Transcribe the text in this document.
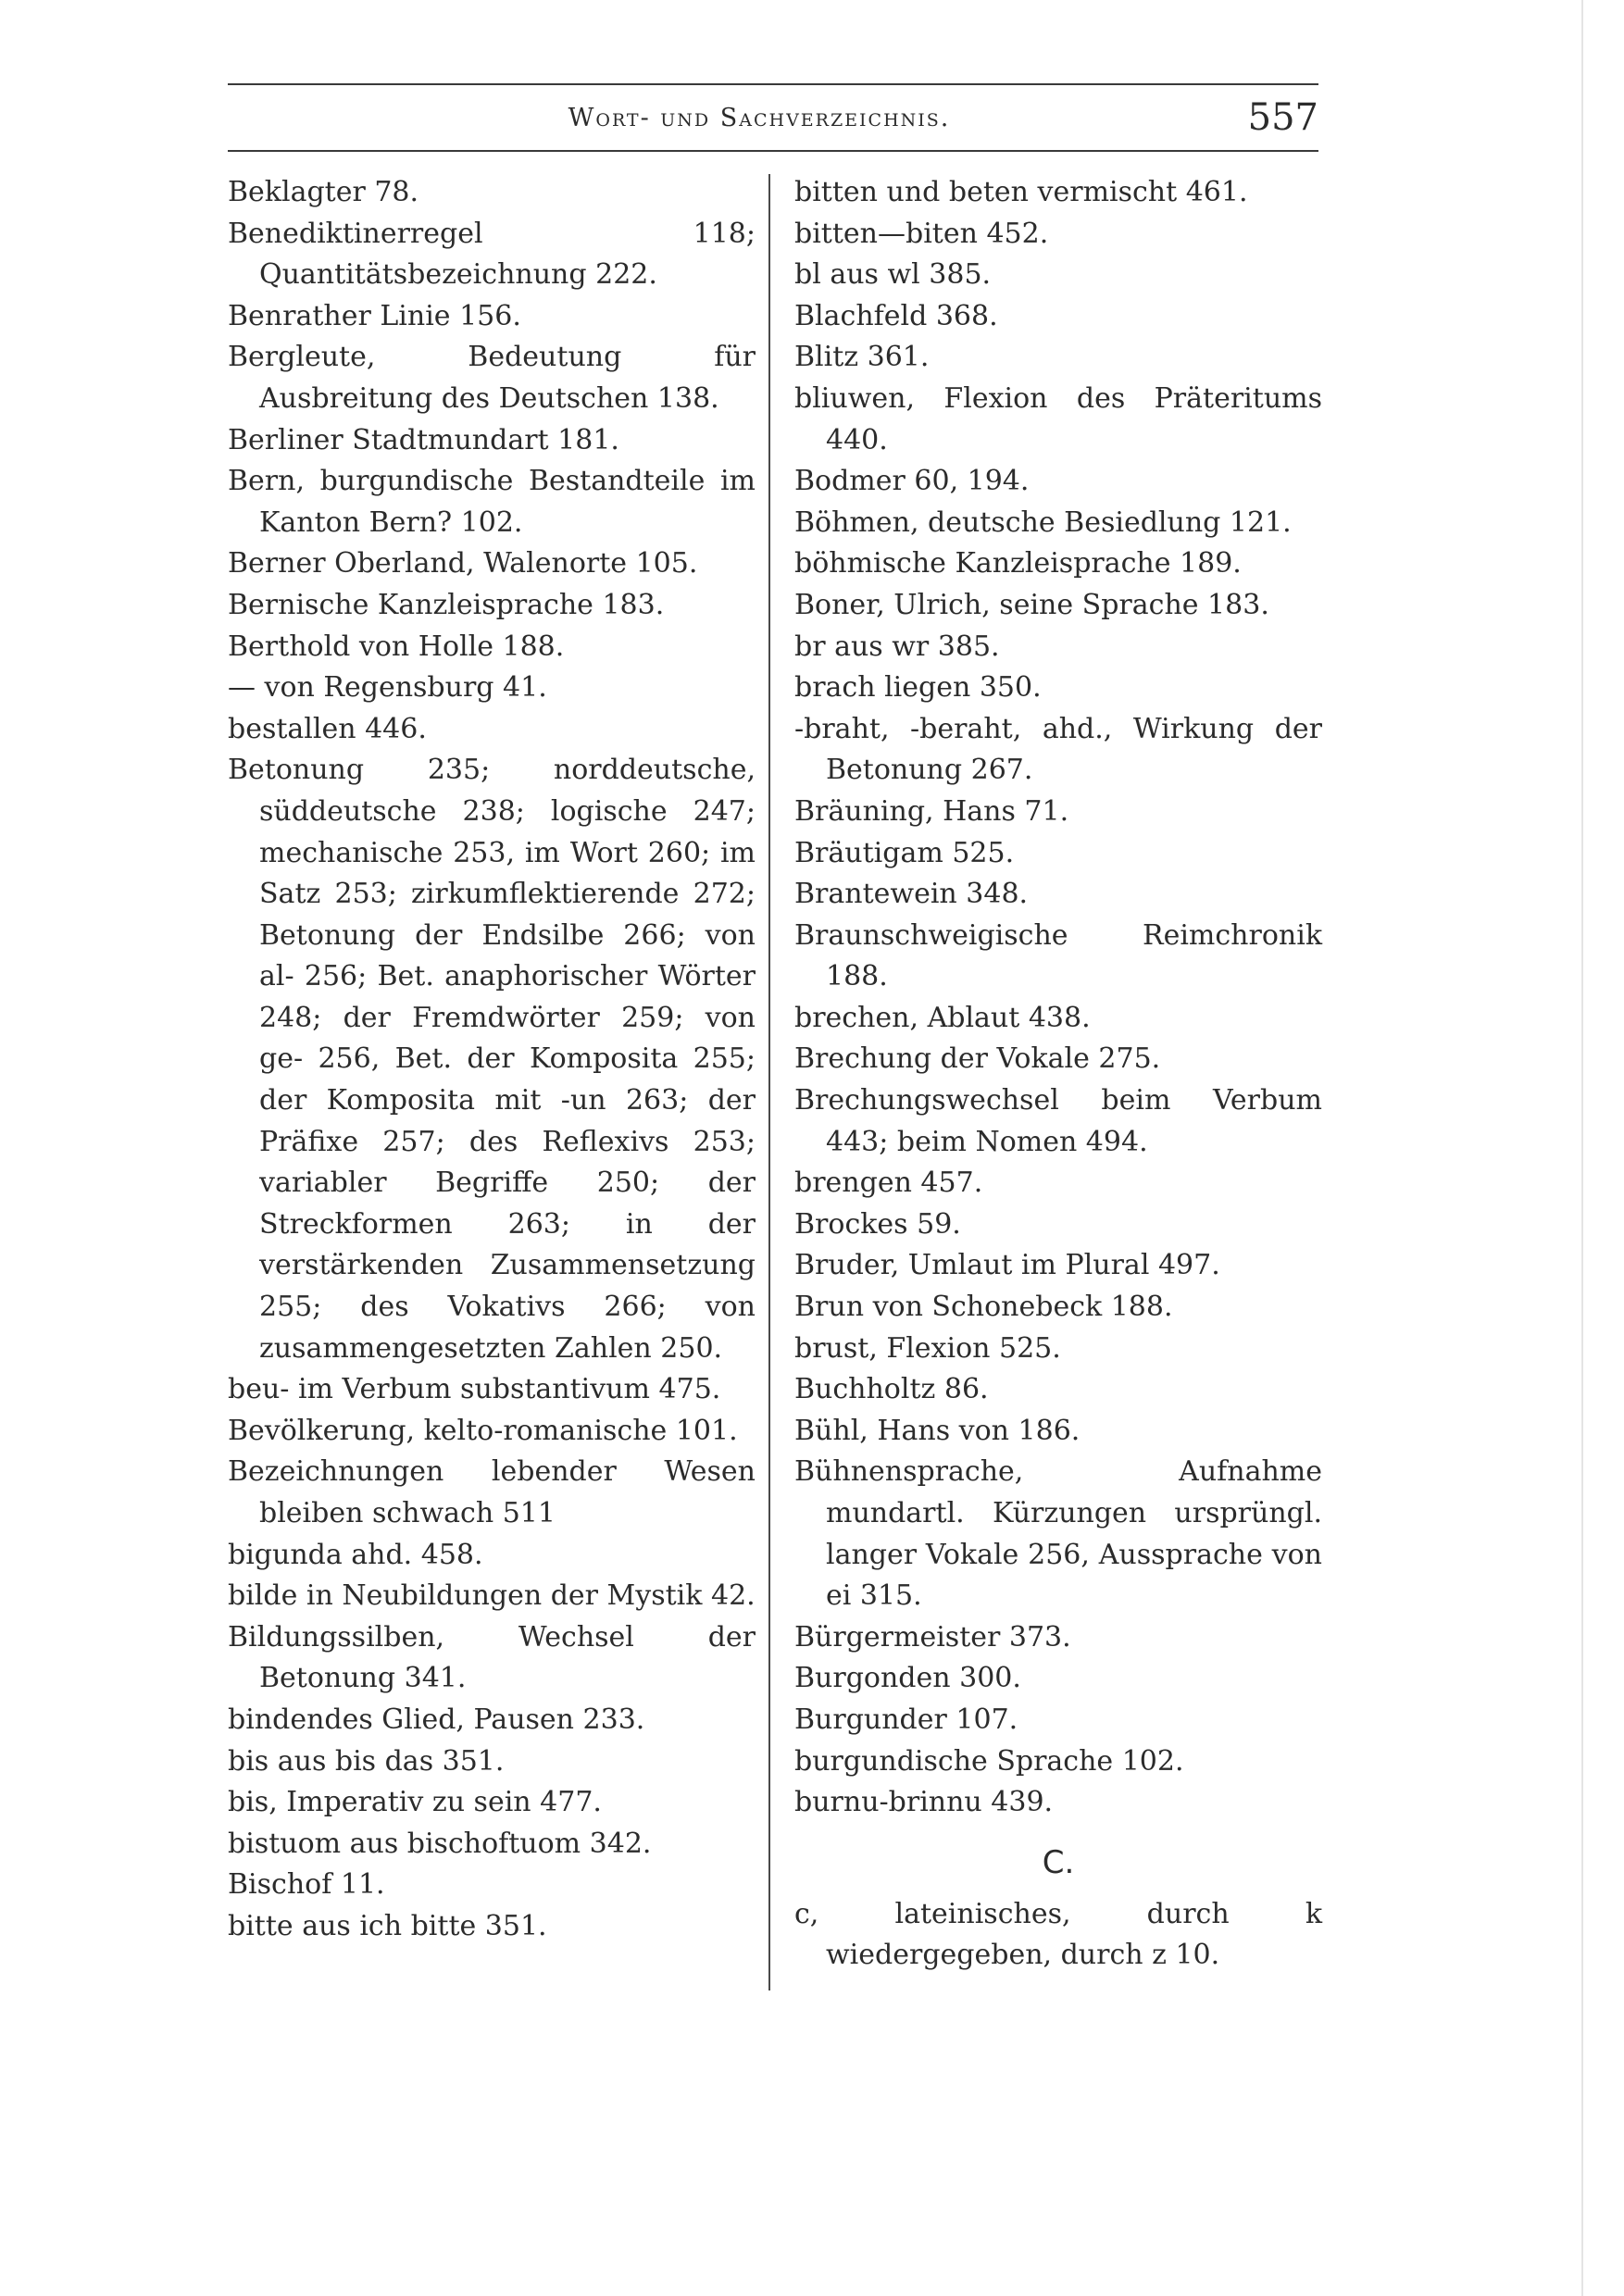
Wort- und Sachverzeichnis.	557

Beklagter 78.

Benediktinerregel 118; Quantitätsbezeichnung 222.

Benrather Linie 156.

Bergleute, Bedeutung für Ausbreitung des Deutschen 138.

Berliner Stadtmundart 181.

Bern, burgundische Bestandteile im Kanton Bern? 102.

Berner Oberland, Walenorte 105.

Bernische Kanzleisprache 183.

Berthold von Holle 188.

— von Regensburg 41.

bestallen 446.

Betonung 235; norddeutsche, süddeutsche 238; logische 247; mechanische 253, im Wort 260; im Satz 253; zirkumflektierende 272; Betonung der Endsilbe 266; von al- 256; Bet. anaphorischer Wörter 248; der Fremdwörter 259; von ge- 256, Bet. der Komposita 255; der Komposita mit -un 263; der Präfixe 257; des Reflexivs 253; variabler Begriffe 250; der Streckformen 263; in der verstärkenden Zusammensetzung 255; des Vokativs 266; von zusammengesetzten Zahlen 250.

beu- im Verbum substantivum 475.

Bevölkerung, kelto-romanische 101.

Bezeichnungen lebender Wesen bleiben schwach 511

bigunda ahd. 458.

bilde in Neubildungen der Mystik 42.

Bildungssilben, Wechsel der Betonung 341.

bindendes Glied, Pausen 233.

bis aus bis das 351.

bis, Imperativ zu sein 477.

bistuom aus bischoftuom 342.

Bischof 11.

bitte aus ich bitte 351.

bitten und beten vermischt 461.

bitten—biten 452.

bl aus wl 385.

Blachfeld 368.

Blitz 361.

bliuwen, Flexion des Präteritums 440.

Bodmer 60, 194.

Böhmen, deutsche Besiedlung 121.

böhmische Kanzleisprache 189.

Boner, Ulrich, seine Sprache 183.

br aus wr 385.

brach liegen 350.

-braht, -beraht, ahd., Wirkung der Betonung 267.

Bräuning, Hans 71.

Bräutigam 525.

Brantewein 348.

Braunschweigische Reimchronik 188.

brechen, Ablaut 438.

Brechung der Vokale 275.

Brechungswechsel beim Verbum 443; beim Nomen 494.

brengen 457.

Brockes 59.

Bruder, Umlaut im Plural 497.

Brun von Schonebeck 188.

brust, Flexion 525.

Buchholtz 86.

Bühl, Hans von 186.

Bühnensprache, Aufnahme mundartl. Kürzungen ursprüngl. langer Vokale 256, Aussprache von ei 315.

Bürgermeister 373.

Burgonden 300.

Burgunder 107.

burgundische Sprache 102.

burnu-brinnu 439.

C.

c, lateinisches, durch k wiedergegeben, durch z 10.
